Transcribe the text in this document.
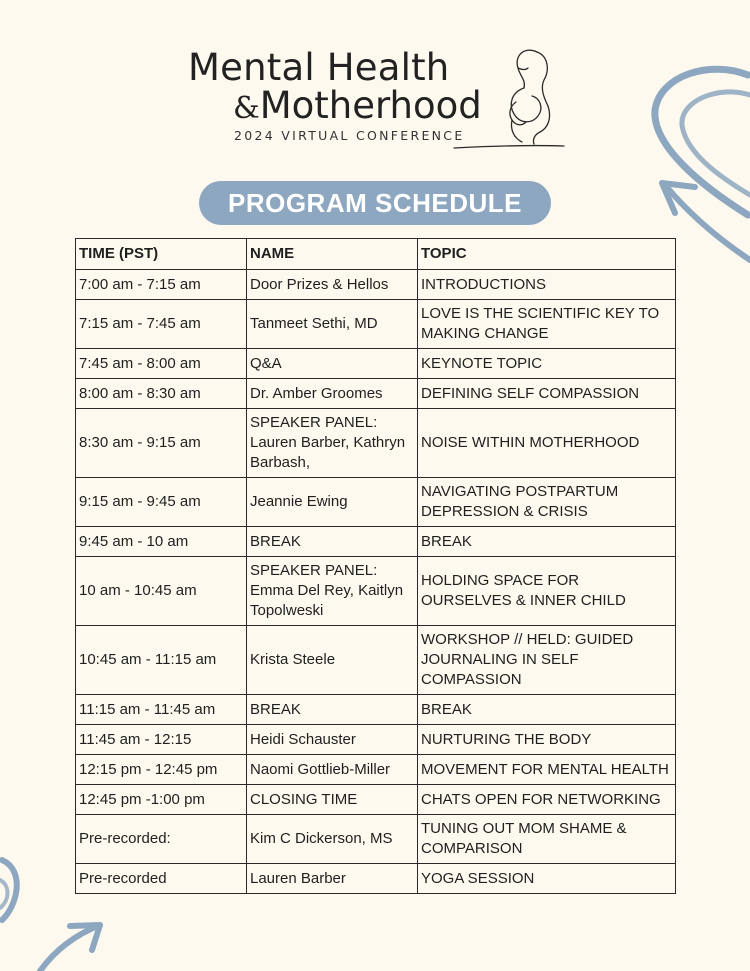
Mental Health
&Motherhood
2024 VIRTUAL CONFERENCE
PROGRAM SCHEDULE
TIME (PST)	NAME	TOPIC
7:00 am - 7:15 am	Door Prizes & Hellos	INTRODUCTIONS
7:15 am - 7:45 am	Tanmeet Sethi, MD	LOVE IS THE SCIENTIFIC KEY TO MAKING CHANGE
7:45 am - 8:00 am	Q&A	KEYNOTE TOPIC
8:00 am - 8:30 am	Dr. Amber Groomes	DEFINING SELF COMPASSION
8:30 am - 9:15 am	SPEAKER PANEL: Lauren Barber, Kathryn Barbash,	NOISE WITHIN MOTHERHOOD
9:15 am - 9:45 am	Jeannie Ewing	NAVIGATING POSTPARTUM DEPRESSION & CRISIS
9:45 am - 10 am	BREAK	BREAK
10 am - 10:45 am	SPEAKER PANEL: Emma Del Rey, Kaitlyn Topolweski	HOLDING SPACE FOR OURSELVES & INNER CHILD
10:45 am - 11:15 am	Krista Steele	WORKSHOP // HELD: GUIDED JOURNALING IN SELF COMPASSION
11:15 am - 11:45 am	BREAK	BREAK
11:45 am - 12:15	Heidi Schauster	NURTURING THE BODY
12:15 pm - 12:45 pm	Naomi Gottlieb-Miller	MOVEMENT FOR MENTAL HEALTH
12:45 pm -1:00 pm	CLOSING TIME	CHATS OPEN FOR NETWORKING
Pre-recorded:	Kim C Dickerson, MS	TUNING OUT MOM SHAME & COMPARISON
Pre-recorded	Lauren Barber	YOGA SESSION
